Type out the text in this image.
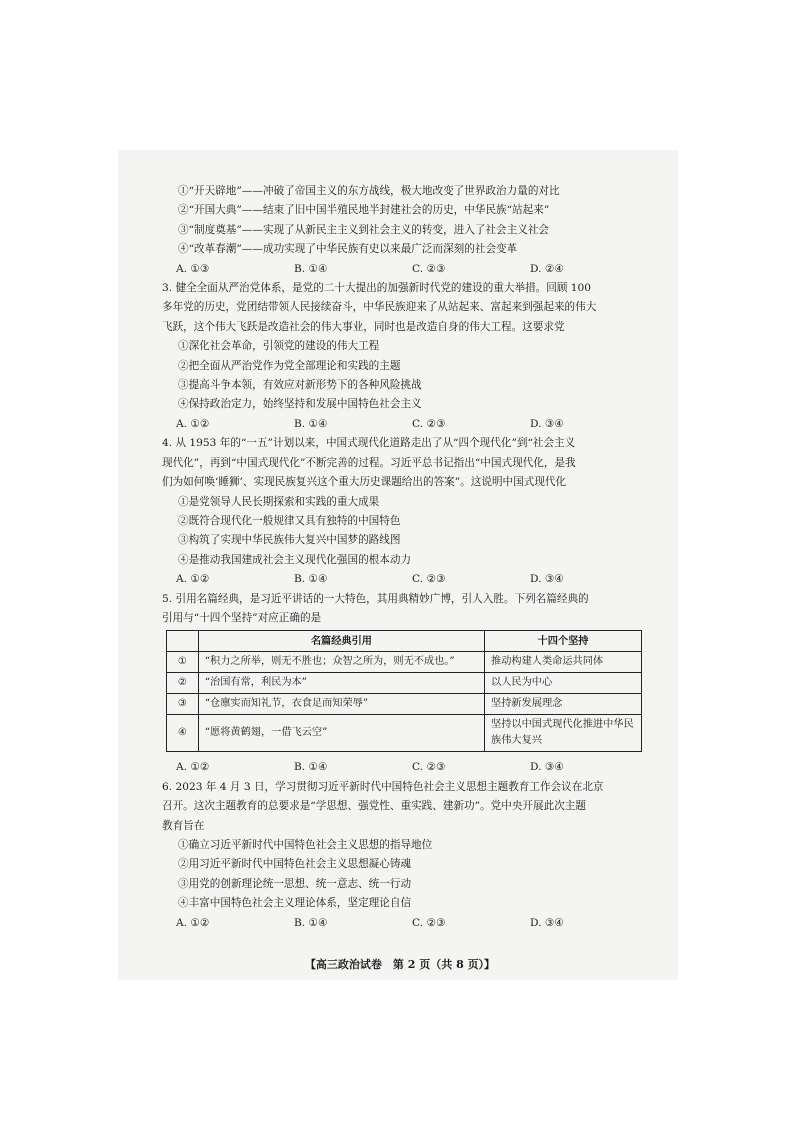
①“开天辟地”——冲破了帝国主义的东方战线，极大地改变了世界政治力量的对比
②“开国大典”——结束了旧中国半殖民地半封建社会的历史，中华民族“站起来”
③“制度奠基”——实现了从新民主主义到社会主义的转变，进入了社会主义社会
④“改革春潮”——成功实现了中华民族有史以来最广泛而深刻的社会变革
A. ①③	B. ①④	C. ②③	D. ②④
3. 健全全面从严治党体系，是党的二十大提出的加强新时代党的建设的重大举措。回顾 100
多年党的历史，党团结带领人民接续奋斗，中华民族迎来了从站起来、富起来到强起来的伟大
飞跃，这个伟大飞跃是改造社会的伟大事业，同时也是改造自身的伟大工程。这要求党
①深化社会革命，引领党的建设的伟大工程
②把全面从严治党作为党全部理论和实践的主题
③提高斗争本领，有效应对新形势下的各种风险挑战
④保持政治定力，始终坚持和发展中国特色社会主义
A. ①②	B. ①④	C. ②③	D. ③④
4. 从 1953 年的“一五”计划以来，中国式现代化道路走出了从“四个现代化”到“社会主义
现代化”，再到“中国式现代化”不断完善的过程。习近平总书记指出“中国式现代化，是我
们为如何唤‘睡狮’、实现民族复兴这个重大历史课题给出的答案”。这说明中国式现代化
①是党领导人民长期探索和实践的重大成果
②既符合现代化一般规律又具有独特的中国特色
③构筑了实现中华民族伟大复兴中国梦的路线图
④是推动我国建成社会主义现代化强国的根本动力
A. ①②	B. ①④	C. ②③	D. ③④
5. 引用名篇经典，是习近平讲话的一大特色，其用典精妙广博，引人入胜。下列名篇经典的
引用与“十四个坚持”对应正确的是
	名篇经典引用	十四个坚持
①	“积力之所举，则无不胜也；众智之所为，则无不成也。”	推动构建人类命运共同体
②	“治国有常，利民为本”	以人民为中心
③	“仓廪实而知礼节，衣食足而知荣辱”	坚持新发展理念
④	“愿将黄鹤翅，一借飞云空”	坚持以中国式现代化推进中华民族伟大复兴
A. ①②	B. ①④	C. ②③	D. ③④
6. 2023 年 4 月 3 日，学习贯彻习近平新时代中国特色社会主义思想主题教育工作会议在北京
召开。这次主题教育的总要求是“学思想、强党性、重实践、建新功”。党中央开展此次主题
教育旨在
①确立习近平新时代中国特色社会主义思想的指导地位
②用习近平新时代中国特色社会主义思想凝心铸魂
③用党的创新理论统一思想、统一意志、统一行动
④丰富中国特色社会主义理论体系，坚定理论自信
A. ①②	B. ①④	C. ②③	D. ③④
【高三政治试卷　第 2 页（共 8 页）】
